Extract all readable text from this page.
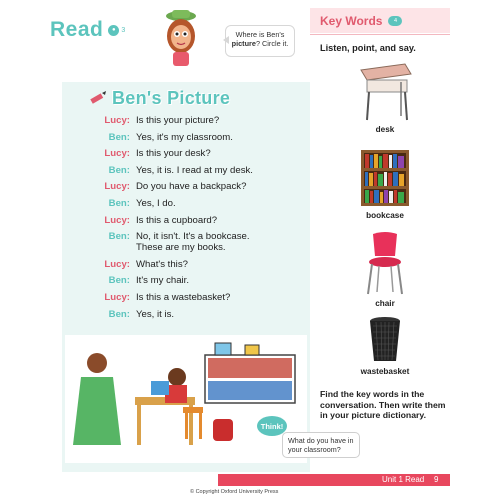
Read	● 3	Where is Ben's
picture? Circle it.
Ben's Picture
Lucy: Is this your picture?
Ben: Yes, it's my classroom.
Lucy: Is this your desk?
Ben: Yes, it is. I read at my desk.
Lucy: Do you have a backpack?
Ben: Yes, I do.
Lucy: Is this a cupboard?
Ben: No, it isn't. It's a bookcase.
These are my books.
Lucy: What's this?
Ben: It's my chair.
Lucy: Is this a wastebasket?
Ben: Yes, it is.
Think!
What do you have in your classroom?
Key Words	4
Listen, point, and say.
desk
bookcase
chair
wastebasket
Find the key words in the conversation. Then write them in your picture dictionary.
Unit 1 Read 9
© Copyright Oxford University Press
